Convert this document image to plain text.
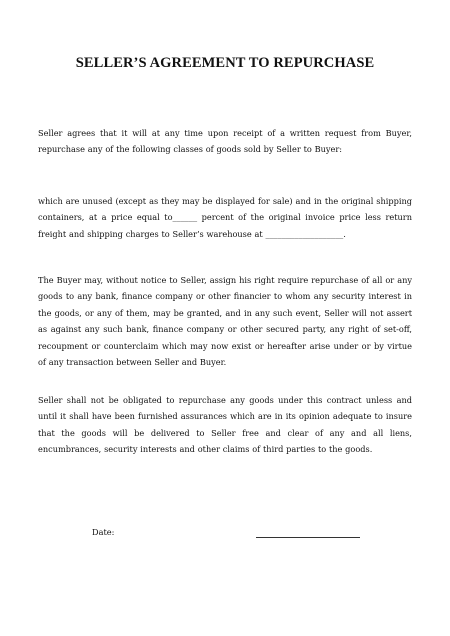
SELLER’S AGREEMENT TO REPURCHASE
Seller agrees that it will at any time upon receipt of a written request from Buyer, repurchase any of the following classes of goods sold by Seller to Buyer:
which are unused (except as they may be displayed for sale) and in the original shipping containers, at a price equal to______ percent of the original invoice price less return freight and shipping charges to Seller’s warehouse at ___________________.
The Buyer may, without notice to Seller, assign his right require repurchase of all or any goods to any bank, finance company or other financier to whom any security interest in the goods, or any of them, may be granted, and in any such event, Seller will not assert as against any such bank, finance company or other secured party, any right of set-off, recoupment or counterclaim which may now exist or hereafter arise under or by virtue of any transaction between Seller and Buyer.
Seller shall not be obligated to repurchase any goods under this contract unless and until it shall have been furnished assurances which are in its opinion adequate to insure that the goods will be delivered to Seller free and clear of any and all liens, encumbrances, security interests and other claims of third parties to the goods.
Date:
